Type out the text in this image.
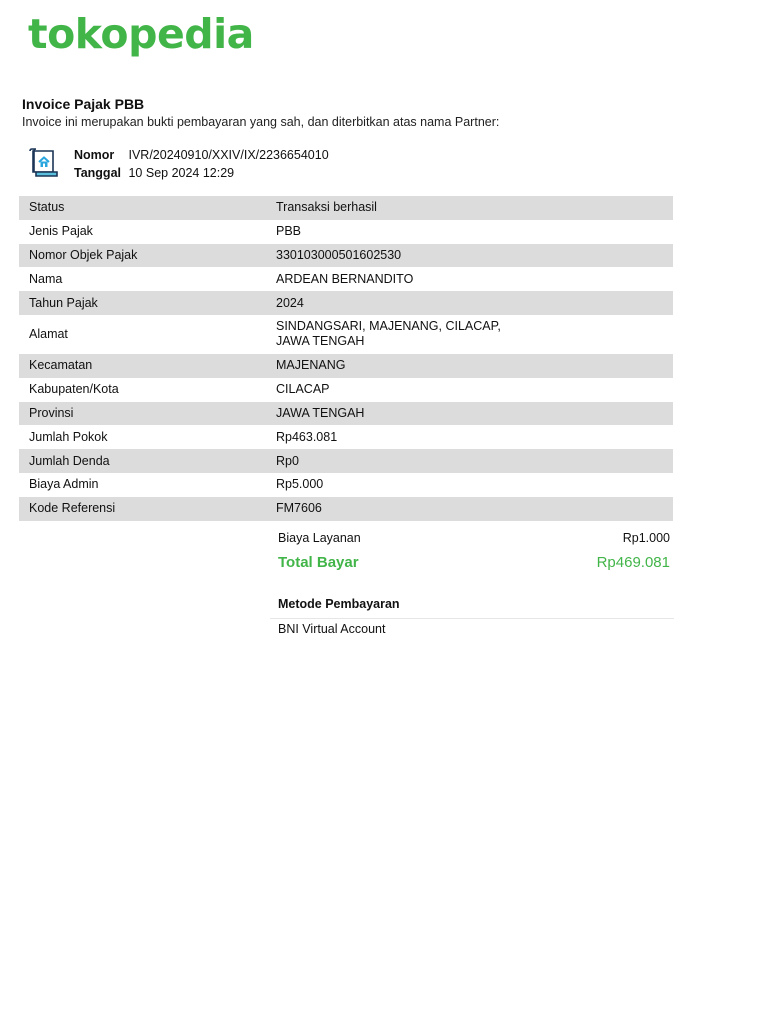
tokopedia
Invoice Pajak PBB
Invoice ini merupakan bukti pembayaran yang sah, dan diterbitkan atas nama Partner:
Nomor IVR/20240910/XXIV/IX/2236654010
Tanggal 10 Sep 2024 12:29
Status	Transaksi berhasil
Jenis Pajak	PBB
Nomor Objek Pajak	330103000501602530
Nama	ARDEAN BERNANDITO
Tahun Pajak	2024
Alamat	SINDANGSARI, MAJENANG, CILACAP,
JAWA TENGAH

Kecamatan	MAJENANG
Kabupaten/Kota	CILACAP
Provinsi	JAWA TENGAH
Jumlah Pokok	Rp463.081
Jumlah Denda	Rp0
Biaya Admin	Rp5.000
Kode Referensi	FM7606
Biaya Layanan	Rp1.000
Total Bayar	Rp469.081
Metode Pembayaran
BNI Virtual Account
